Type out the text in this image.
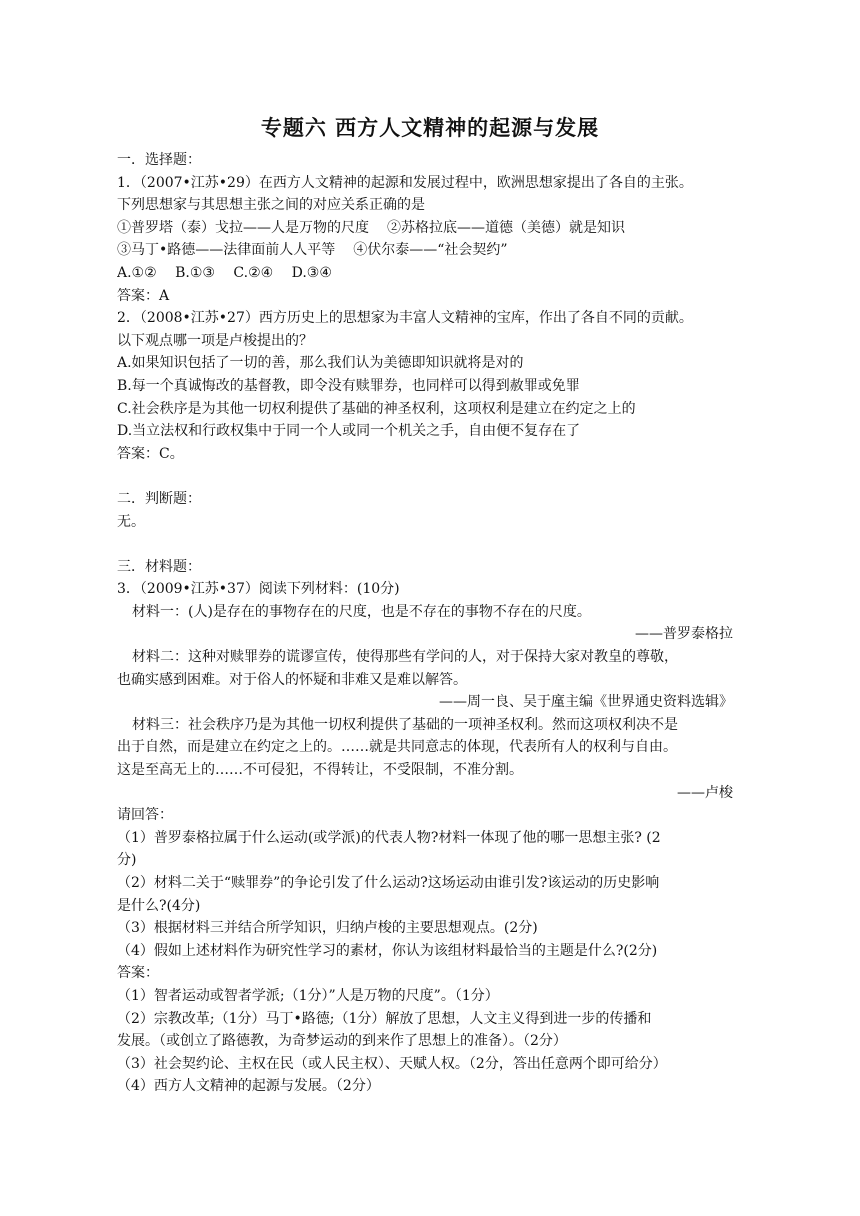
专题六 西方人文精神的起源与发展
一．选择题：
1．（2007•江苏•29）在西方人文精神的起源和发展过程中，欧洲思想家提出了各自的主张。
下列思想家与其思想主张之间的对应关系正确的是
①普罗塔（泰）戈拉——人是万物的尺度 ②苏格拉底——道德（美德）就是知识
③马丁•路德——法律面前人人平等 ④伏尔泰——“社会契约”
A.①②　 B.①③　 C.②④　 D.③④
答案：A
2．（2008•江苏•27）西方历史上的思想家为丰富人文精神的宝库，作出了各自不同的贡献。
以下观点哪一项是卢梭提出的？
A.如果知识包括了一切的善，那么我们认为美德即知识就将是对的
B.每一个真诚悔改的基督教，即令没有赎罪券，也同样可以得到赦罪或免罪
C.社会秩序是为其他一切权利提供了基础的神圣权利，这项权利是建立在约定之上的
D.当立法权和行政权集中于同一个人或同一个机关之手，自由便不复存在了
答案：C。
二．判断题：
无。
三．材料题：
3．（2009•江苏•37）阅读下列材料：(10分)
材料一：(人)是存在的事物存在的尺度，也是不存在的事物不存在的尺度。
——普罗泰格拉
材料二：这种对赎罪券的谎谬宣传，使得那些有学问的人，对于保持大家对教皇的尊敬，
也确实感到困难。对于俗人的怀疑和非难又是难以解答。
——周一良、吴于廑主编《世界通史资料选辑》
材料三：社会秩序乃是为其他一切权利提供了基础的一项神圣权利。然而这项权利决不是
出于自然，而是建立在约定之上的。……就是共同意志的体现，代表所有人的权利与自由。
这是至高无上的……不可侵犯，不得转让，不受限制，不准分割。
——卢梭
请回答：
（1）普罗泰格拉属于什么运动(或学派)的代表人物?材料一体现了他的哪一思想主张? (2
分)
（2）材料二关于“赎罪券”的争论引发了什么运动?这场运动由谁引发?该运动的历史影响
是什么?(4分)
（3）根据材料三并结合所学知识，归纳卢梭的主要思想观点。(2分)
（4）假如上述材料作为研究性学习的素材，你认为该组材料最恰当的主题是什么?(2分)
答案：
（1）智者运动或智者学派;（1分）”人是万物的尺度”。（1分）
（2）宗教改革;（1分）马丁•路德;（1分）解放了思想，人文主义得到进一步的传播和
发展。（或创立了路德教，为奇梦运动的到来作了思想上的准备）。（2分）
（3）社会契约论、主权在民（或人民主权）、天赋人权。（2分，答出任意两个即可给分）
（4）西方人文精神的起源与发展。（2分）
